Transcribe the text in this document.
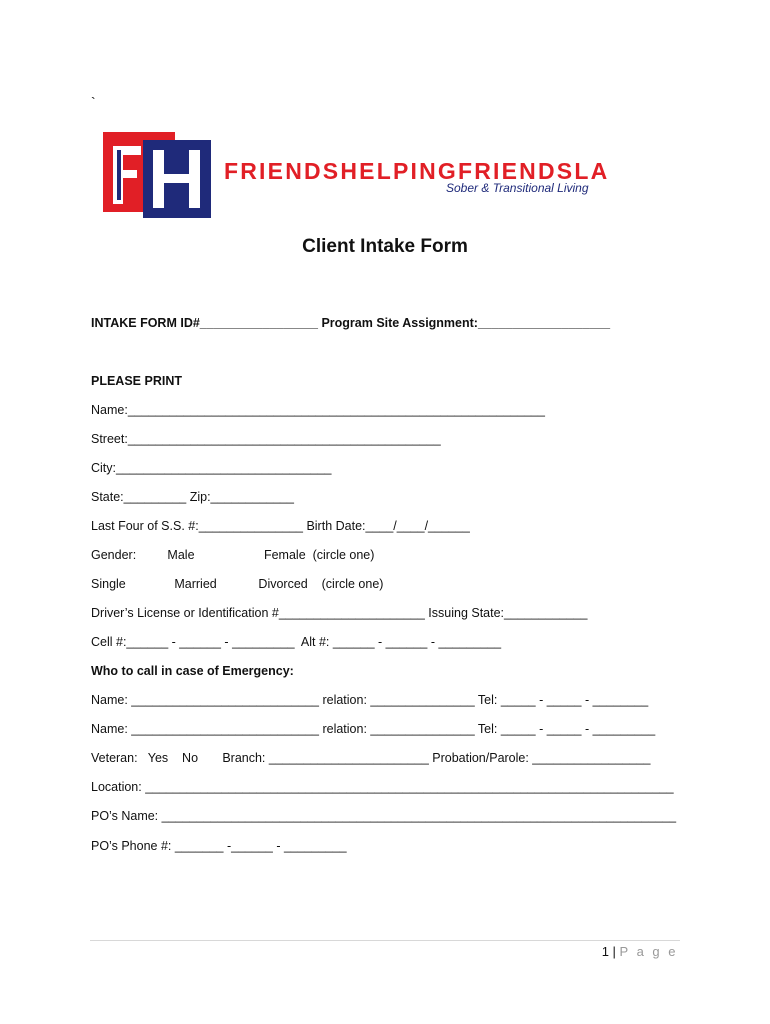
`
FRIENDSHELPINGFRIENDSLA
Sober & Transitional Living
Client Intake Form
INTAKE FORM ID#_________________ Program Site Assignment:___________________
PLEASE PRINT
Name:____________________________________________________________
Street:_____________________________________________
City:_______________________________
State:_________ Zip:____________
Last Four of S.S. #:_______________ Birth Date:____/____/______
Gender:         Male                    Female  (circle one)
Single              Married            Divorced    (circle one)
Driver’s License or Identification #_____________________ Issuing State:____________
Cell #:______ - ______ - _________  Alt #: ______ - ______ - _________
Who to call in case of Emergency:
Name: ___________________________ relation: _______________ Tel: _____ - _____ - ________
Name: ___________________________ relation: _______________ Tel: _____ - _____ - _________
Veteran:   Yes    No       Branch: _______________________ Probation/Parole: _________________
Location: ____________________________________________________________________________
PO’s Name: __________________________________________________________________________
PO’s Phone #: _______ -______ - _________
1 | P a g e
